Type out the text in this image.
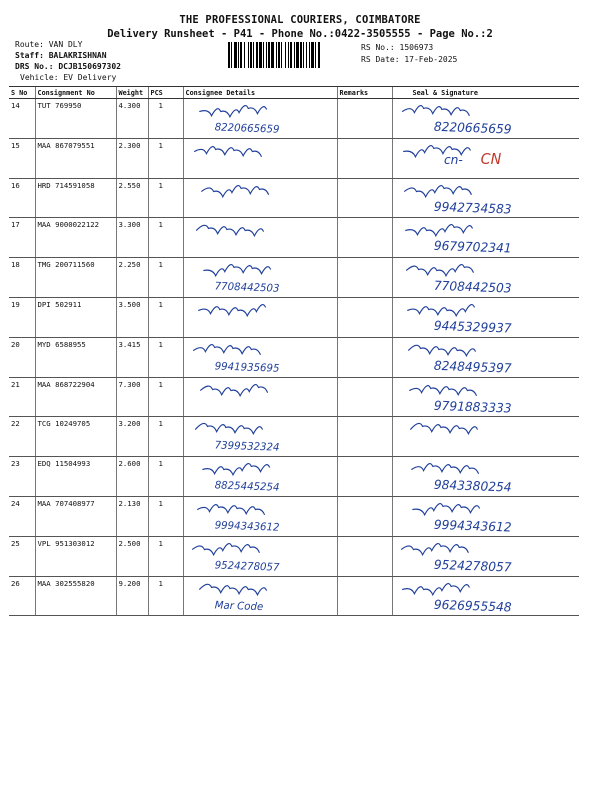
THE PROFESSIONAL COURIERS, COIMBATORE
Delivery Runsheet - P41 - Phone No.:0422-3505555 - Page No.:2
Route: VAN DLY
Staff: BALAKRISHNAN
DRS No.: DCJB150697302
Vehicle: EV Delivery
RS No.: 1506973
RS Date: 17-Feb-2025
S No	Consignment No	Weight	PCS	Consignee Details	Remarks	Seal & Signature
14	TUT 769950	4.300	1	8220665659		8220665659

15	MAA 867079551	2.300	1			cn- CN

16	HRD 714591058	2.550	1			9942734583

17	MAA 9000022122	3.300	1			9679702341

18	TMG 200711560	2.250	1	7708442503		7708442503

19	DPI 502911	3.500	1			9445329937

20	MYD 6588955	3.415	1	9941935695		8248495397

21	MAA 868722904	7.300	1			9791883333

22	TCG 10249705	3.200	1	7399532324

23	EDQ 11504993	2.600	1	8825445254		9843380254

24	MAA 707408977	2.130	1	9994343612		9994343612

25	VPL 951303012	2.500	1	9524278057		9524278057

26	MAA 302555820	9.200	1	Mar Code		9626955548
